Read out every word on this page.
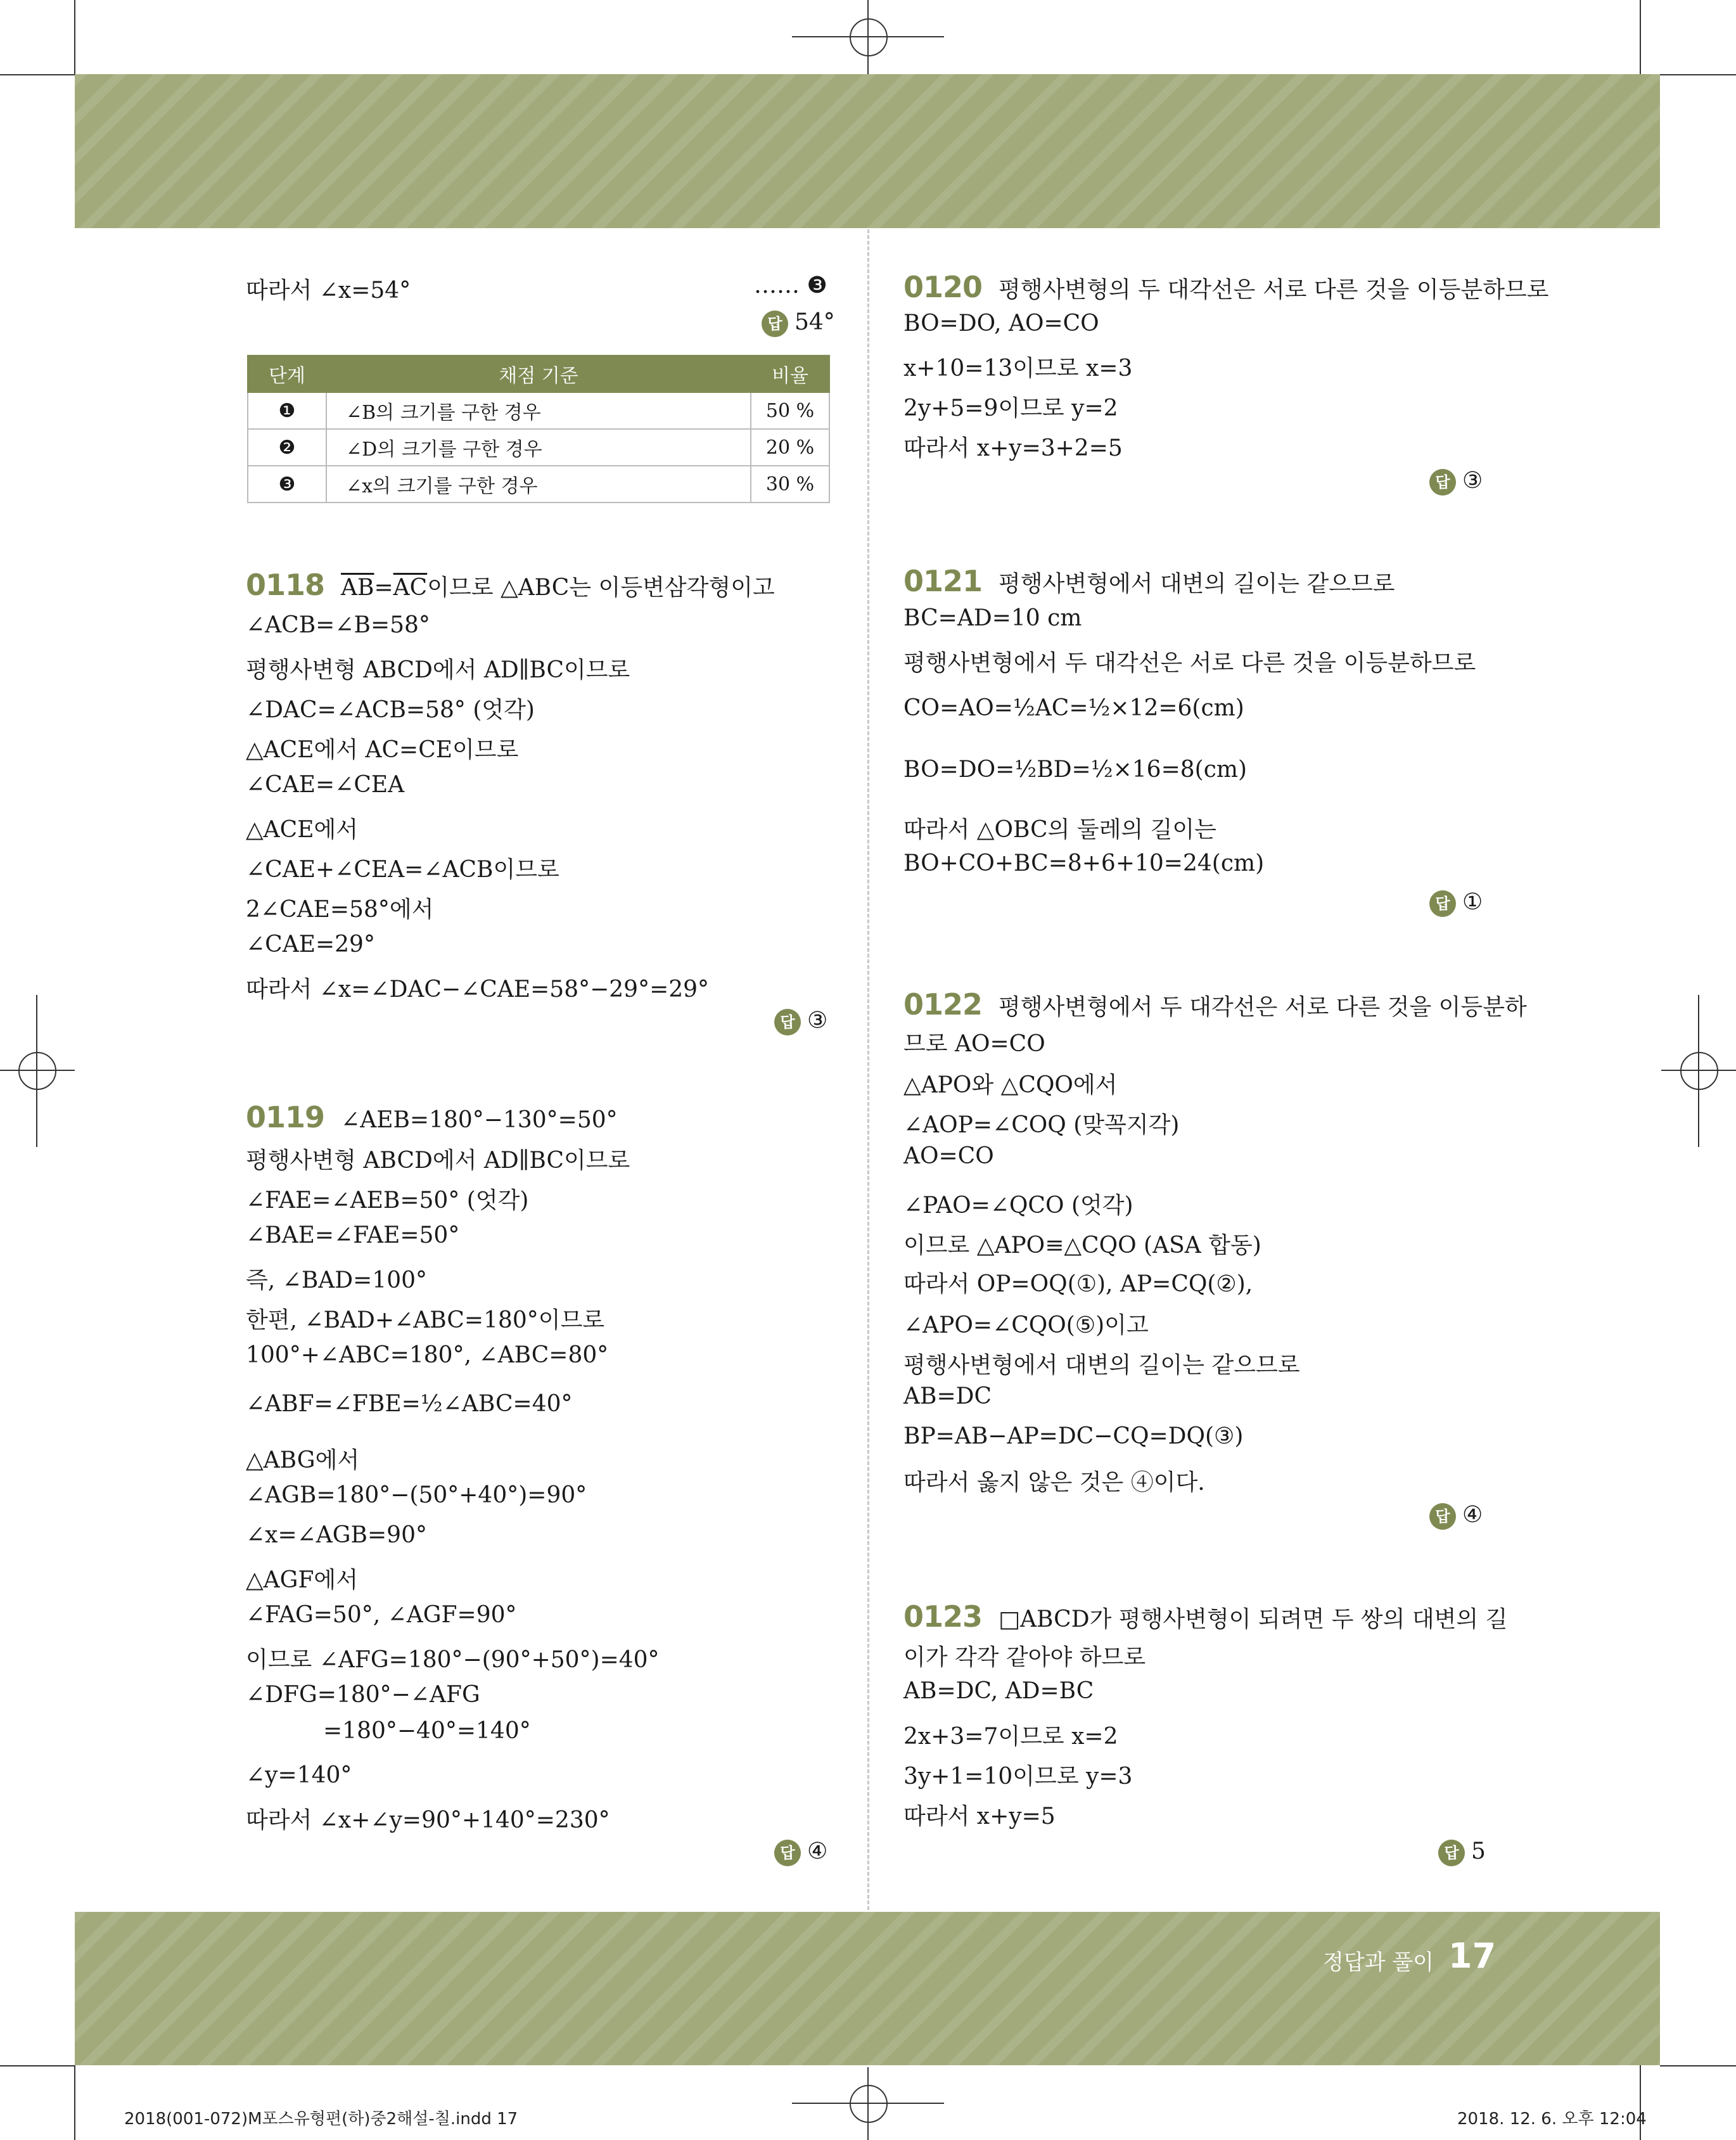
정답과 풀이 17
따라서 ∠x=54°	…… ❸
답 54°
단계	채점 기준	비율
❶	∠B의 크기를 구한 경우	50 %
❷	∠D의 크기를 구한 경우	20 %
❸	∠x의 크기를 구한 경우	30 %
0118 $\overline{AB}=\overline{AC}$이므로 △ABC는 이등변삼각형이고
∠ACB=∠B=58°
평행사변형 ABCD에서 AD∥BC이므로
∠DAC=∠ACB=58° (엇각)
△ACE에서 AC=CE이므로
∠CAE=∠CEA
△ACE에서
∠CAE+∠CEA=∠ACB이므로
2∠CAE=58°에서
∠CAE=29°
따라서 ∠x=∠DAC−∠CAE=58°−29°=29°
답 ③
0119 ∠AEB=180°−130°=50°
평행사변형 ABCD에서 AD∥BC이므로
∠FAE=∠AEB=50° (엇각)
∠BAE=∠FAE=50°
즉, ∠BAD=100°
한편, ∠BAD+∠ABC=180°이므로
100°+∠ABC=180°, ∠ABC=80°
∠ABF=∠FBE=½∠ABC=40°
△ABG에서
∠AGB=180°−(50°+40°)=90°
∠x=∠AGB=90°
△AGF에서
∠FAG=50°, ∠AGF=90°
이므로 ∠AFG=180°−(90°+50°)=40°
∠DFG=180°−∠AFG
=180°−40°=140°
∠y=140°
따라서 ∠x+∠y=90°+140°=230°
답 ④
0120 평행사변형의 두 대각선은 서로 다른 것을 이등분하므로
BO=DO, AO=CO
x+10=13이므로 x=3
2y+5=9이므로 y=2
따라서 x+y=3+2=5
답 ③
0121 평행사변형에서 대변의 길이는 같으므로
BC=AD=10 cm
평행사변형에서 두 대각선은 서로 다른 것을 이등분하므로
CO=AO=½AC=½×12=6(cm)
BO=DO=½BD=½×16=8(cm)
따라서 △OBC의 둘레의 길이는
BO+CO+BC=8+6+10=24(cm)
답 ①
0122 평행사변형에서 두 대각선은 서로 다른 것을 이등분하
므로 AO=CO
△APO와 △CQO에서
∠AOP=∠COQ (맞꼭지각)
AO=CO
∠PAO=∠QCO (엇각)
이므로 △APO≡△CQO (ASA 합동)
따라서 OP=OQ(①), AP=CQ(②),
∠APO=∠CQO(⑤)이고
평행사변형에서 대변의 길이는 같으므로
AB=DC
BP=AB−AP=DC−CQ=DQ(③)
따라서 옳지 않은 것은 ④이다.
답 ④
0123 □ABCD가 평행사변형이 되려면 두 쌍의 대변의 길
이가 각각 같아야 하므로
AB=DC, AD=BC
2x+3=7이므로 x=2
3y+1=10이므로 y=3
따라서 x+y=5
답 5
2018(001-072)M포스유형편(하)중2해설-칠.indd 17	2018. 12. 6. 오후 12:04
